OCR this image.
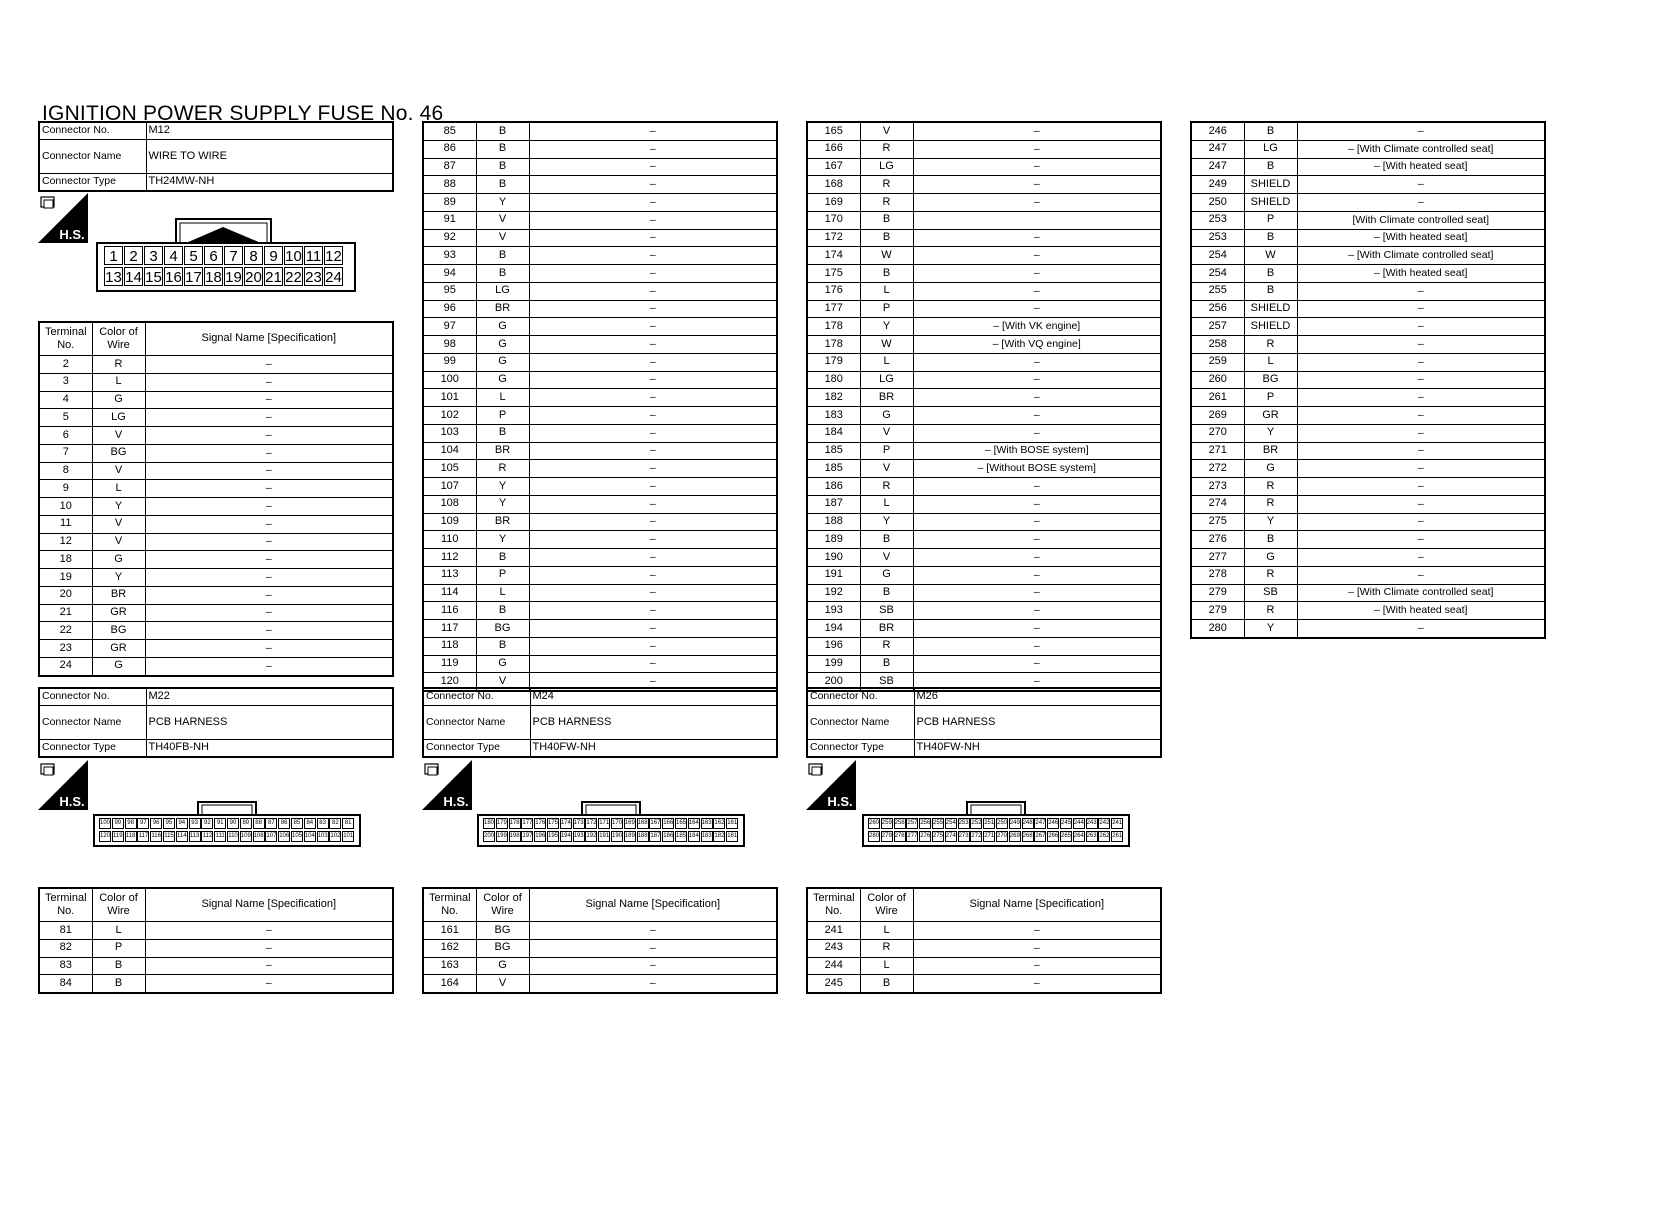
IGNITION POWER SUPPLY FUSE No. 46
Connector No.	M12
Connector Name	WIRE TO WIRE
Connector Type	TH24MW-NH
Connector No.	M22
Connector Name	PCB HARNESS
Connector Type	TH40FB-NH
Connector No.	M24
Connector Name	PCB HARNESS
Connector Type	TH40FW-NH
Connector No.	M26
Connector Name	PCB HARNESS
Connector Type	TH40FW-NH
H.S.
H.S.	H.S.	H.S.
1 2 3 4 5 6 7 8 9 10 11 12
13 14 15 16 17 18 19 20 21 22 23 24
100 99	98	97	96	95	94	93	92	91	90	89	88	87	86	85	84	83	82	81
120 119 118 117 116 115 114 113 112 111 110 109 108 107 106 105 104 103 102 101
180 179 178 177 176 175 174 173 172 171 170 169 168 167 166 165 164 163 162 161
200 199 198 197 196 195 194 193 192 191 190 189 188 187 186 185 184 183 182 181
260 259 258 257 256 255 254 253 252 251 250 249 248 247 246 245 244 243 242 241
280 279 278 277 276 275 274 273 272 271 270 269 268 267 266 265 264 263 262 261
Terminal No.	Color of Wire	Signal Name [Specification]
2	R	–
3	L	–
4	G	–
5	LG	–
6	V	–
7	BG	–
8	V	–
9	L	–
10	Y	–
11	V	–
12	V	–
18	G	–
19	Y	–
20	BR	–
21	GR	–
22	BG	–
23	GR	–
24	G	–
85	B	–
86	B	–
87	B	–
88	B	–
89	Y	–
91	V	–
92	V	–
93	B	–
94	B	–
95	LG	–
96	BR	–
97	G	–
98	G	–
99	G	–
100	G	–
101	L	–
102	P	–
103	B	–
104	BR	–
105	R	–
107	Y	–
108	Y	–
109	BR	–
110	Y	–
112	B	–
113	P	–
114	L	–
116	B	–
117	BG	–
118	B	–
119	G	–
120	V	–
165	V	–
166	R	–
167	LG	–
168	R	–
169	R	–
170	B	
172	B	–
174	W	–
175	B	–
176	L	–
177	P	–
178	Y	– [With VK engine]
178	W	– [With VQ engine]
179	L	–
180	LG	–
182	BR	–
183	G	–
184	V	–
185	P	– [With BOSE system]
185	V	– [Without BOSE system]
186	R	–
187	L	–
188	Y	–
189	B	–
190	V	–
191	G	–
192	B	–
193	SB	–
194	BR	–
196	R	–
199	B	–
200	SB	–
246	B	–
247	LG	– [With Climate controlled seat]
247	B	– [With heated seat]
249	SHIELD	–
250	SHIELD	–
253	P	[With Climate controlled seat]
253	B	– [With heated seat]
254	W	– [With Climate controlled seat]
254	B	– [With heated seat]
255	B	–
256	SHIELD	–
257	SHIELD	–
258	R	–
259	L	–
260	BG	–
261	P	–
269	GR	–
270	Y	–
271	BR	–
272	G	–
273	R	–
274	R	–
275	Y	–
276	B	–
277	G	–
278	R	–
279	SB	– [With Climate controlled seat]
279	R	– [With heated seat]
280	Y	–
Terminal No.	Color of Wire	Signal Name [Specification]
81	L	–
82	P	–
83	B	–
84	B	–
Terminal No.	Color of Wire	Signal Name [Specification]
161	BG	–
162	BG	–
163	G	–
164	V	–
Terminal No.	Color of Wire	Signal Name [Specification]
241	L	–
243	R	–
244	L	–
245	B	–
